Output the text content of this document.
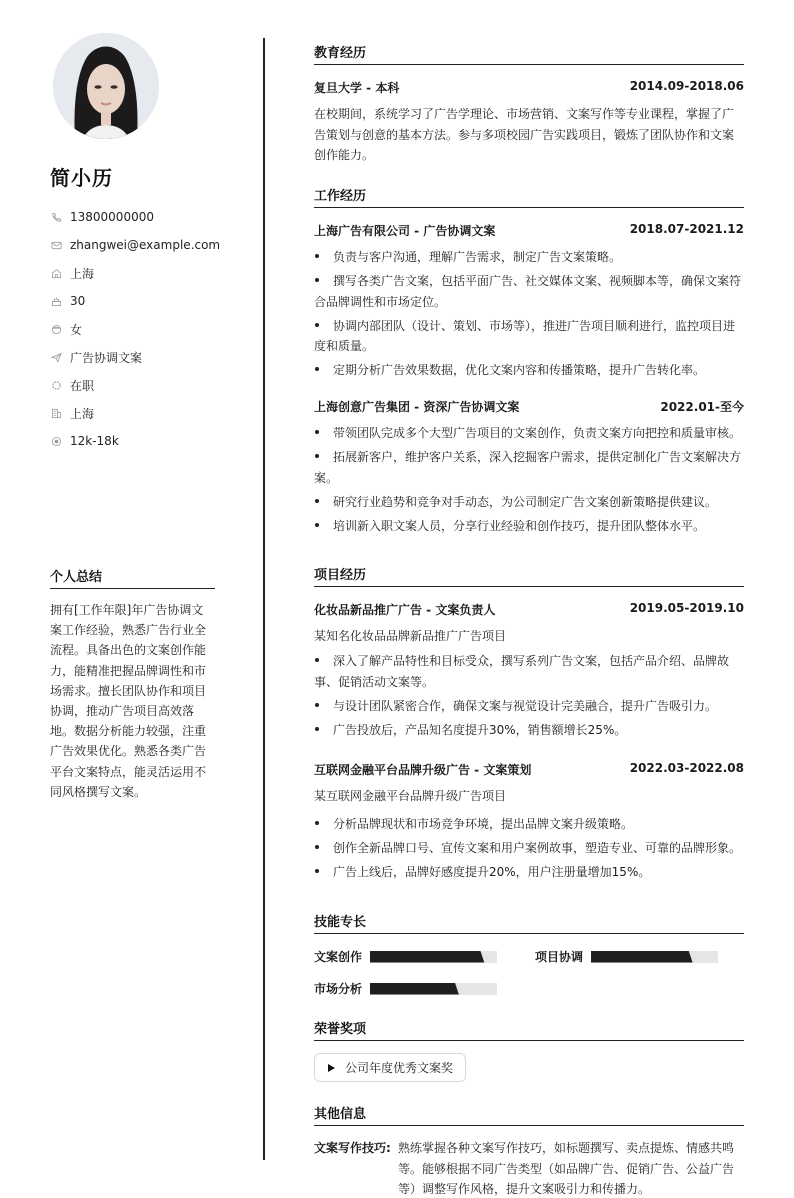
简小历
13800000000
zhangwei@example.com
上海
30
女
广告协调文案
在职
上海
12k-18k
个人总结
拥有[工作年限]年广告协调文案工作经验，熟悉广告行业全流程。具备出色的文案创作能力，能精准把握品牌调性和市场需求。擅长团队协作和项目协调，推动广告项目高效落地。数据分析能力较强，注重广告效果优化。熟悉各类广告平台文案特点，能灵活运用不同风格撰写文案。
教育经历
复旦大学 - 本科	2014.09-2018.06
在校期间，系统学习了广告学理论、市场营销、文案写作等专业课程，掌握了广告策划与创意的基本方法。参与多项校园广告实践项目，锻炼了团队协作和文案创作能力。
工作经历
上海广告有限公司 - 广告协调文案	2018.07-2021.12
负责与客户沟通，理解广告需求，制定广告文案策略。
撰写各类广告文案，包括平面广告、社交媒体文案、视频脚本等，确保文案符合品牌调性和市场定位。
协调内部团队（设计、策划、市场等），推进广告项目顺利进行，监控项目进度和质量。
定期分析广告效果数据，优化文案内容和传播策略，提升广告转化率。
上海创意广告集团 - 资深广告协调文案	2022.01-至今
带领团队完成多个大型广告项目的文案创作，负责文案方向把控和质量审核。
拓展新客户，维护客户关系，深入挖掘客户需求，提供定制化广告文案解决方案。
研究行业趋势和竞争对手动态，为公司制定广告文案创新策略提供建议。
培训新入职文案人员，分享行业经验和创作技巧，提升团队整体水平。
项目经历
化妆品新品推广广告 - 文案负责人	2019.05-2019.10
某知名化妆品品牌新品推广广告项目
深入了解产品特性和目标受众，撰写系列广告文案，包括产品介绍、品牌故事、促销活动文案等。
与设计团队紧密合作，确保文案与视觉设计完美融合，提升广告吸引力。
广告投放后，产品知名度提升30%，销售额增长25%。
互联网金融平台品牌升级广告 - 文案策划	2022.03-2022.08
某互联网金融平台品牌升级广告项目
分析品牌现状和市场竞争环境，提出品牌文案升级策略。
创作全新品牌口号、宣传文案和用户案例故事，塑造专业、可靠的品牌形象。
广告上线后，品牌好感度提升20%，用户注册量增加15%。
技能专长
文案创作	项目协调
市场分析
荣誉奖项
公司年度优秀文案奖
其他信息
文案写作技巧: 熟练掌握各种文案写作技巧，如标题撰写、卖点提炼、情感共鸣等。能够根据不同广告类型（如品牌广告、促销广告、公益广告等）调整写作风格，提升文案吸引力和传播力。
